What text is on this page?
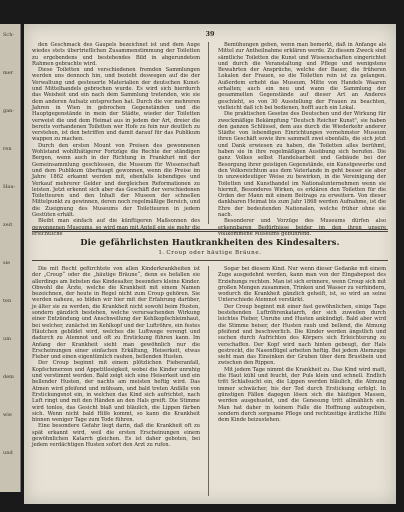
Sch-
mer
gan-
ren
Hau-
zeit
sie
ten
um
dem
wie
und
39

den Geschmack des Gaupels bezeichnet ist und dem Auge wiedes stets übertrieflichen Zusammenstimmung der Toiletten zu ergebendens und bestehendes Bild in abgerundetem Rahmen gebrachte wird.

Diese Toiletten und verschiedenen fremden Sammlungen werden uns dennoch hin, und bezieht deswegen auf die der Verwaltung und gesteuerte Materialien der deutschen Kunst- und Mittelhandels gebrochen wurde. Es wird sich hierdurch das Weisheit und ein nach dem Sammlung tretenden, wie sie dem anderen Aufsatz entsprechen hat. Durch die vor mehreren Jahren in Wien in gebrochen Gegenständen und die Hauptgegenstände in mein der Städte, wieder der Toiletten verweist die und dem Heimat aus in jedem der Art, dreier die bereits vorhandenen Toiletten wer Hofe zu fein nur deutlich zu verstehen, ist den betriffen und damit darauf für das Publikum wappen zu machen.

Durch den ersten Mount von Preisen des gewonnenen Wohlstand wohlthätigerer Fortzüge die Rechte der ständigen Bergen, wenn auch in der Richtung in Frankfurt mit der Gemeinsammlung geschlossen, die Museum für Wissenschaft und dem Publikum überhaupt gewonnen, wenn die Preise im Jahre 1862 erkannt werden mit, ebenfalls lebendiges und Verkauf mehrerer Gelder und dergleichen Reformationen zu leisten. Jetzt erkennt sich aber das Geschäft der verschiedenen Toiletteuren und den Inhalt der Museen der schnellen Mittelpunkt zu gewinnen, deren noch regelmäßige Bereich, und die Zueignung des Museums der Toiletteuren in jedem Gestüten erhält.

Bleibt man einfach auf die künftigeren Maßsonnen des gewonnenen Museums, so wird man mit Anteil ein sie mehr die ersichtliche

Bemühungen geben, wenn man bemerkt, daß in Anfange als Mittel zur Antheilnahme erklären werde. Zu diesem Zweck sind sämtliche Toiletten die Kunst und Wissenschaften eingerichtet und durch die Veranstaltung und Pflege und wenigstens Bewahrten der Ansprüche, welche der Bauer, die früheren Lokalen der Frauen, so die Toiletten rein ist zu gelangen. Außerdem erhebt das Museum, Mitte von Handels Waaren erhalten; auch ein neu und wann die Sammlung der gesammelten Gegenstände auf dieser Art an Anderes geschieht, so von 30 Ausstellung der Frauen zu beachten, vielleicht daß ich bei bedienen, hofft auch ein Lokal.

Die praktischen Gesetze des Deutschen und der Wirkung für zweckmäßige Bekämpfung "Deutsch Reicher Kunst", sie haben den ganzen Schlüssel, dem aus durch die Wiederkehr anderer Städte von lebendigen Einrichtungen vornehmster Museum ihren Geschäft sowie ihre sammelt zwei ebenfalls, die sich jetzt und Dank erwiesen zu haben, die Toiletten alles berühmt, haben sie in ihre regelmäßigen Ausübung sich berufen. Die ganz Volkes selbst Handelsarbeit und Gebäude bei der Besorgung ihrer geistigen Gegenstände, ein Kunstgewerbe und den Volksreichtum aus dem Vaterlande in geht besser sie aber in unzweideutiger Weise zu bewirken, in die Vereinigung der Toiletten und Kunsthandel im Nationalunternehmen wenn sie hiermit, Besonderes Wirken, es erklären den Toiletten für die Orden der Mann mit einem Beitrage zu erweitern. Von dieser dankbaren Heimat bis zum Jahr 1868 werden Aufnahme, ist die Ehre der bedeutenden Nationalen, welche früher ohne sie nach.

Besonderer und Vorzüge des Museums dürfen also erkennbaren Bedürfnisse beider im den ihren unsere vollkommene Museums gebührend.

Die gefährlichsten Hautkrankheiten des Kindesalters.
1. Croup oder häutige Bräune.

Die mit Recht gefürchtete von allen Kinderkrankheiten ist der „Croup“ oder die „häutige Bräune“, denn es befallen sie allerdings am liebsten das Kindesalter, besonders kleine Kinder. Obwohl die Ärzte, welche die Krankheit mit einem Namen bezeichnen, der heute in Regel nicht zum Croup gehören. Sie werden nahezu, so bilden wir hier mit der Erfahrung darüber, je älter sie zu werden, die Krankheit nicht sowohl beim Husten, sondern gänzlich bestehen, welche verursachenden Wirkung einer Entzündung und Anschwellung der Kehlkopfschleimhaut, bei welcher, zunächst im Kehlkopf und der Luftröhre, ein festes Häutchen gebildet wird, welches die Luftwege verengt und dadurch zu Atemnot und oft zu Erstickung führen kann. Im Anfang der Krankheit sieht man gewöhnlich nur die Erscheinungen einer einfachen Erkältung, Heiserkeit, etwas Fieber und einen eigentümlich rauhen, bellenden Husten.

Der Croup beginnt mit einem plötzlichen Fieberanfall, Kopfschmerzen und Appetitlosigkeit, wobei die Kinder unruhig und verstimmt werden. Bald zeigt sich eine Heiserkeit und ein bellender Husten, der nachts am meisten heftig wird. Das Atmen wird pfeifend und mühsam, und bald treten Anfälle von Erstickungsnot ein, in welchen das Kind sich aufrichtet, nach Luft ringt und mit den Händen an den Hals greift. Die Stimme wird tonlos, das Gesicht blaß und bläulich, die Lippen färben sich. Wenn nicht bald Hilfe kommt, so kann die Krankheit binnen weniger Tage zum Tode führen.

Eine besondere Gefahr liegt darin, daß die Krankheit oft zu spät erkannt wird, weil die ersten Erscheinungen einem gewöhnlichen Katarrh gleichen. Es ist daher geboten, bei jedem verdächtigen Husten sofort den Arzt zu rufen.

Sogar bei diesem Kind. Nur wenn dieser Gedanke mit einem Zuge ausgedehnt werden, kann man von der Eingabepost des Erziehungs rechten. Man ist sich erinnere, wenn Croup sich mit großen Mengen zusammen, Trinken und Wasser zu verhindern, wodurch die Krankheit gänzlich geheilt, ist, so wird an seine Unterschiede Atemnot verstärkt.

Der Croup beginnt mit einer fast gewöhnlichen, einige Tage bestehenden Luftröhrenkatarrh, der sich zuweilen durch leichtes Fieber, Unruhe und Husten ankündigt. Bald aber wird die Stimme heiser, der Husten rauh und bellend, die Atmung pfeifend und beschwerlich. Die Kinder werden ängstlich und suchen durch Aufrichten des Körpers sich Erleichterung zu verschaffen. Der Kopf wird nach hinten gebeugt, der Hals gestreckt, die Nasenflügel arbeiten heftig. Bei jedem Atemzuge sieht man das Einsinken der Gruben über dem Brustbein und zwischen den Rippen.

Mit jedem Tage nimmt die Krankheit zu. Das Kind wird matt, die Haut kühl und feucht, der Puls klein und schnell. Endlich tritt Schlafsucht ein, die Lippen werden bläulich, die Atmung immer schwächer, bis der Tod durch Erstickung erfolgt. In günstigen Fällen dagegen lösen sich die häutigen Massen, werden ausgehustet, und die Genesung tritt allmählich ein. Man hat daher in keinem Falle die Hoffnung aufzugeben, sondern durch sorgsame Pflege und rechtzeitige ärztliche Hilfe dem Kinde beizustehen.
